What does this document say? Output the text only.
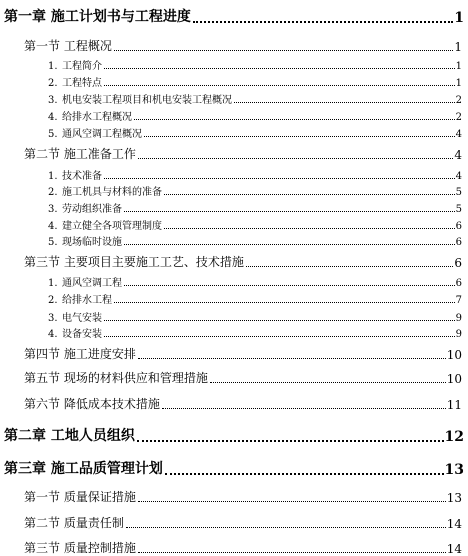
第一章 施工计划书与工程进度	1
第一节 工程概况	1
1. 工程简介	1
2. 工程特点	1
3. 机电安装工程项目和机电安装工程概况	2
4. 给排水工程概况	2
5. 通风空调工程概况	4
第二节 施工准备工作	4
1. 技术准备	4
2. 施工机具与材料的准备	5
3. 劳动组织准备	5
4. 建立健全各项管理制度	6
5. 现场临时设施	6
第三节 主要项目主要施工工艺、技术措施	6
1. 通风空调工程	6
2. 给排水工程	7
3. 电气安装	9
4. 设备安装	9
第四节 施工进度安排	10
第五节 现场的材料供应和管理措施	10
第六节 降低成本技术措施	11
第二章 工地人员组织	12
第三章 施工品质管理计划	13
第一节 质量保证措施	13
第二节 质量责任制	14
第三节 质量控制措施	14
